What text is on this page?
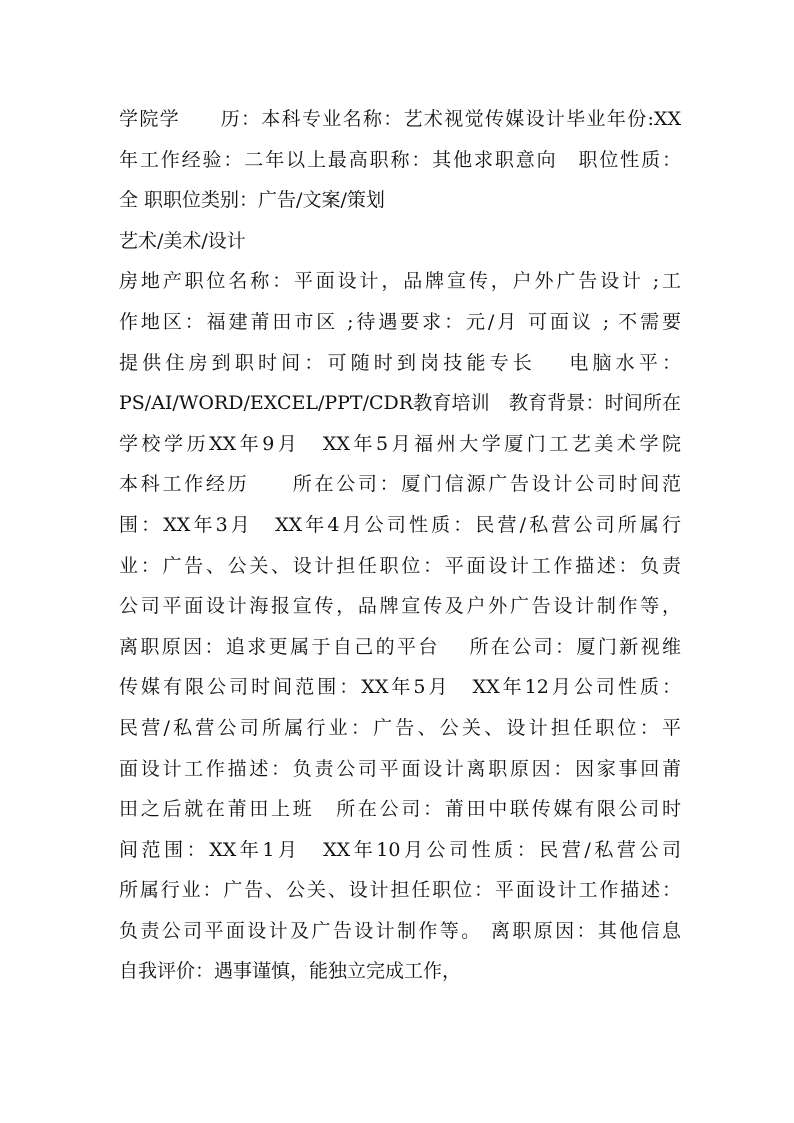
学院学　　历：本科专业名称：艺术视觉传媒设计毕业年份:XX
年工作经验：二年以上最高职称：其他求职意向　职位性质：
全 职职位类别：广告/文案/策划
艺术/美术/设计
房地产职位名称：平面设计，品牌宣传，户外广告设计 ;工
作地区：福建莆田市区 ;待遇要求：元/月 可面议 ; 不需要
提供住房到职时间：可随时到岗技能专长　 电脑水平：
PS/AI/WORD/EXCEL/PPT/CDR教育培训　教育背景：时间所在
学校学历XX年9月　XX年5月福州大学厦门工艺美术学院
本科工作经历　　所在公司：厦门信源广告设计公司时间范
围：XX年3月　XX年4月公司性质：民营/私营公司所属行
业：广告、公关、设计担任职位：平面设计工作描述：负责
公司平面设计海报宣传，品牌宣传及户外广告设计制作等，
离职原因：追求更属于自己的平台　 所在公司：厦门新视维
传媒有限公司时间范围：XX年5月　XX年12月公司性质：
民营/私营公司所属行业：广告、公关、设计担任职位：平
面设计工作描述：负责公司平面设计离职原因：因家事回莆
田之后就在莆田上班　所在公司：莆田中联传媒有限公司时
间范围：XX年1月　XX年10月公司性质：民营/私营公司
所属行业：广告、公关、设计担任职位：平面设计工作描述：
负责公司平面设计及广告设计制作等。 离职原因：其他信息
自我评价：遇事谨慎，能独立完成工作，
